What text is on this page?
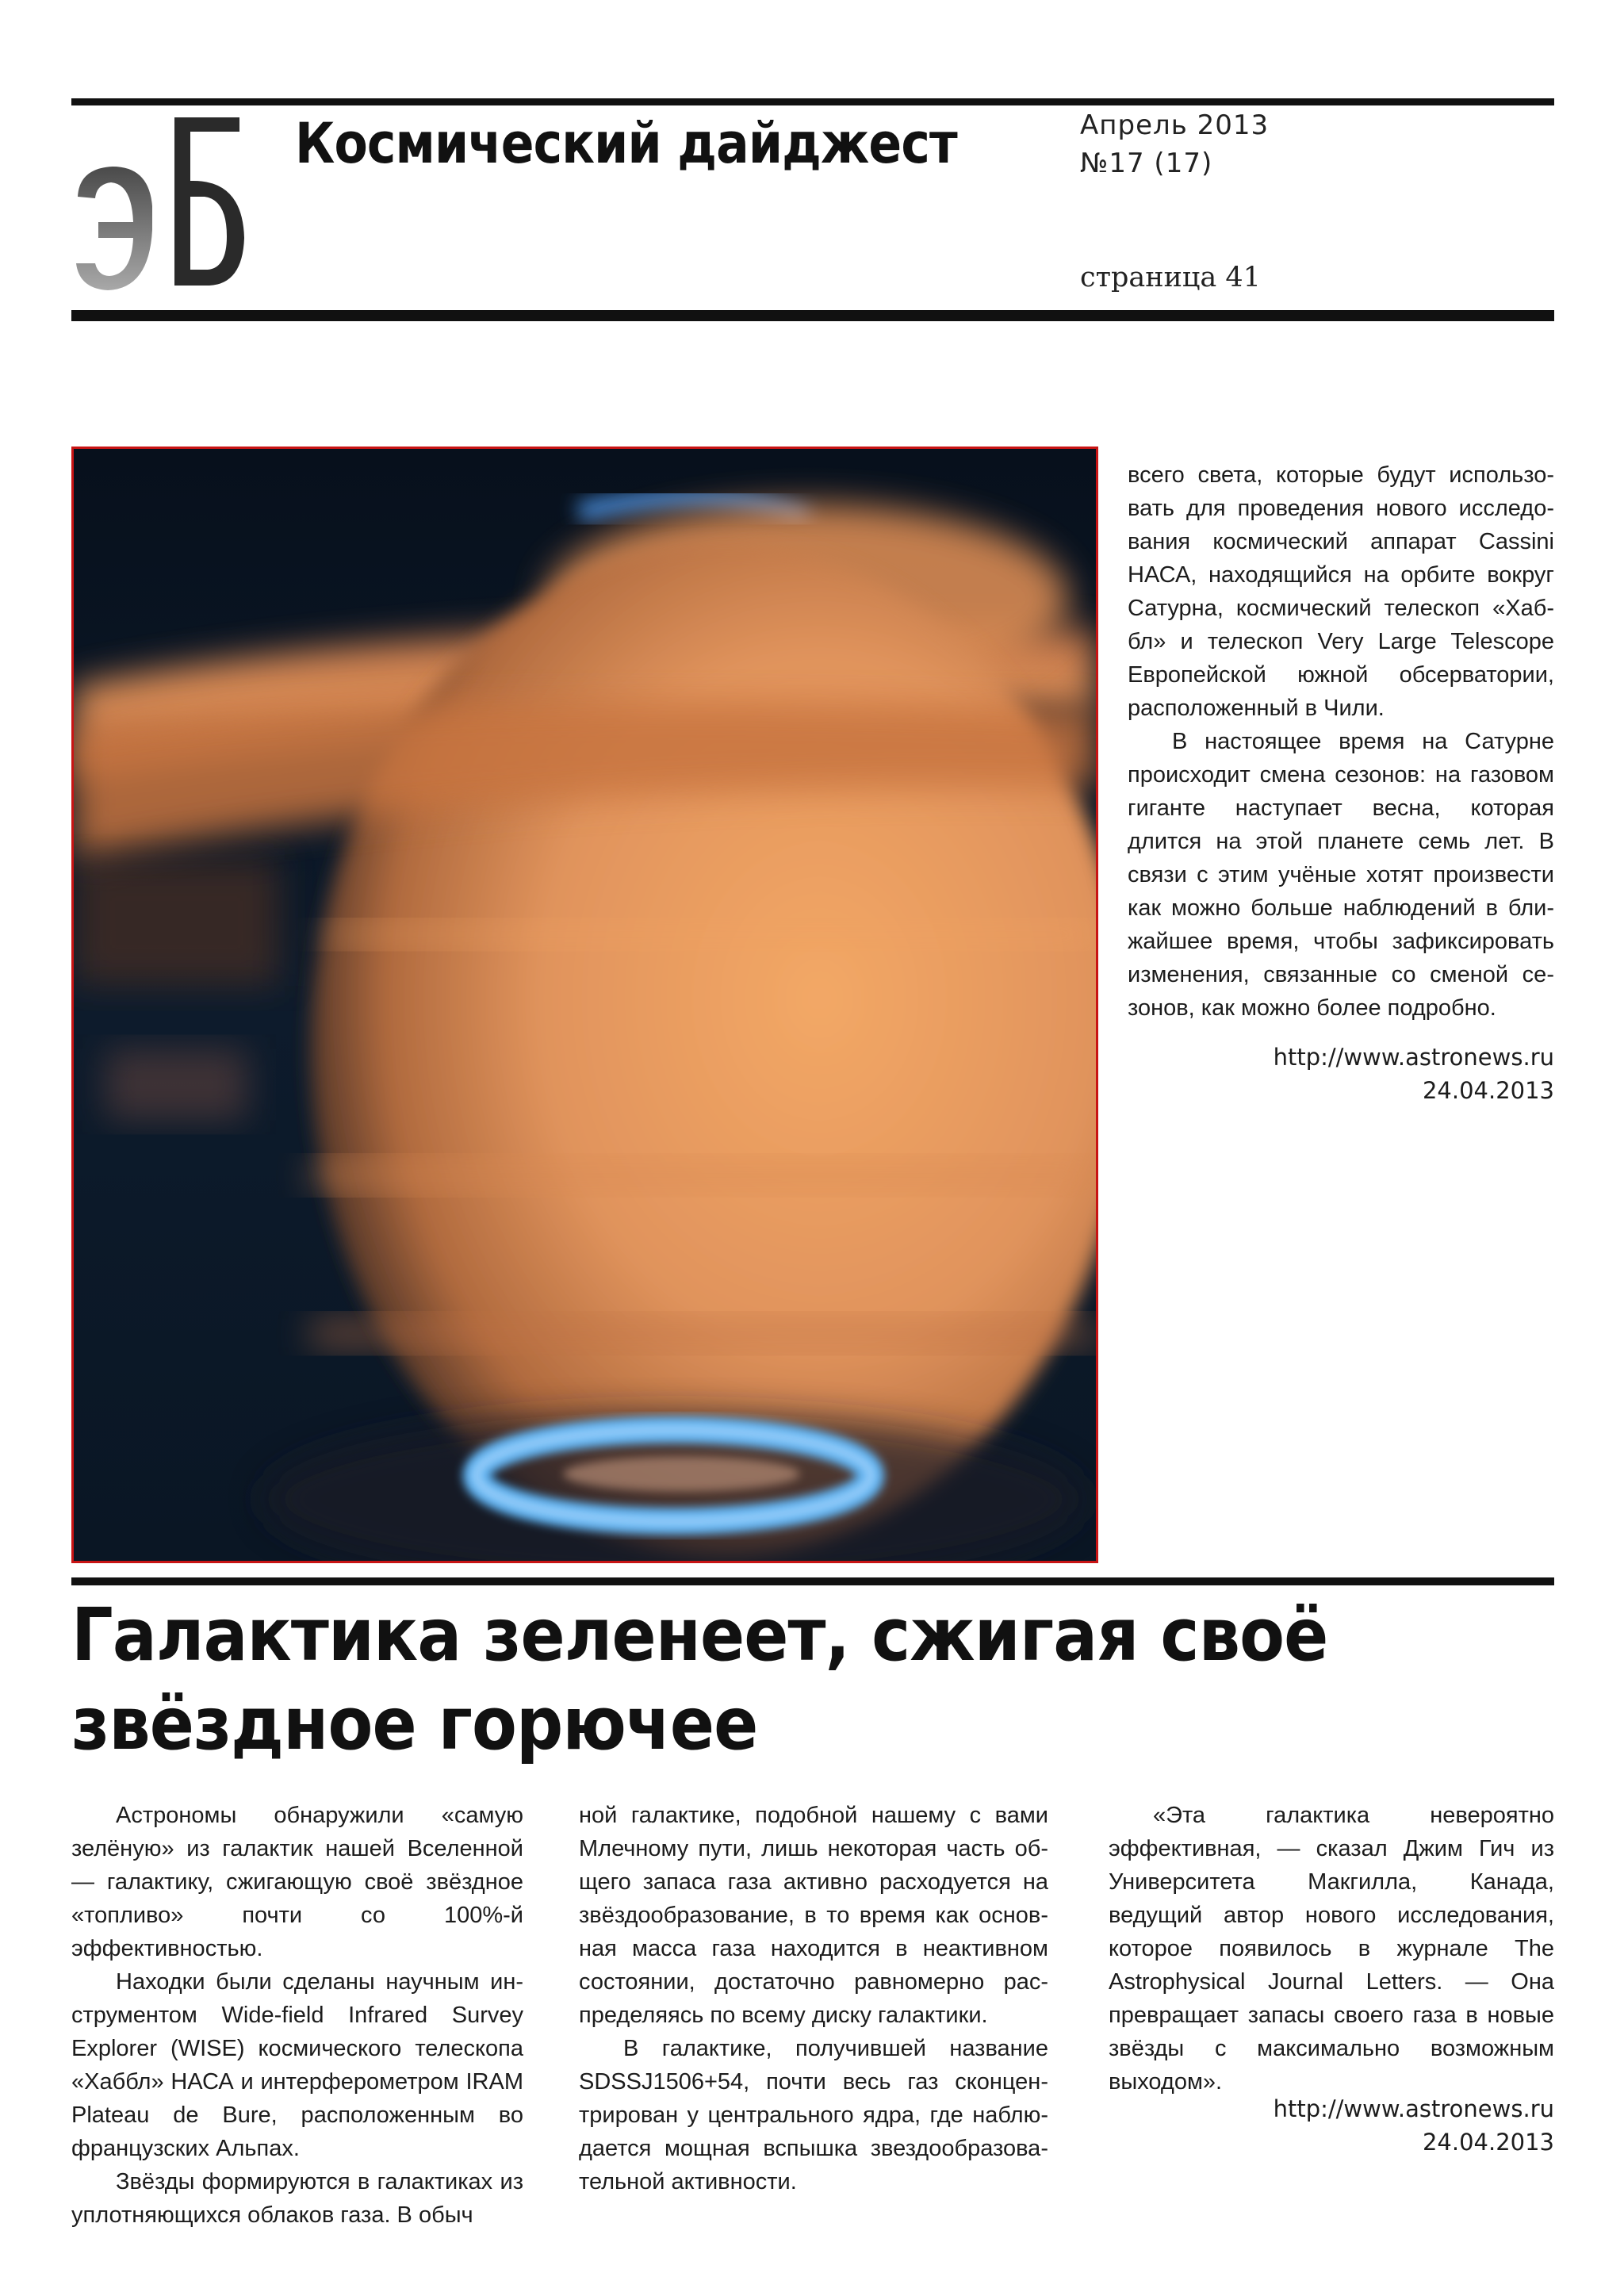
Космический дайджест	Апрель 2013
№17 (17)
страница 41

всего света, которые будут использовать для проведения нового исследования космический аппарат Cassini НАСА, находящийся на орбите вокруг Сатурна, космический телескоп «Хаббл» и телескоп Very Large Telescope Европейской южной обсерватории, расположенный в Чили.

В настоящее время на Сатурне происходит смена сезонов: на газовом гиганте наступает весна, которая длится на этой планете семь лет. В связи с этим учёные хотят произвести как можно больше наблюдений в ближайшее время, чтобы зафиксировать изменения, связанные со сменой сезонов, как можно более подробно.

http://www.astronews.ru
24.04.2013
Галактика зеленеет, сжигая своё звёздное горючее

Астрономы обнаружили «самую зелёную» из галактик нашей Вселенной — галактику, сжигающую своё звёздное «топливо» почти со 100%-й эффективностью.

Находки были сделаны научным инструментом Wide-field Infrared Survey Explorer (WISE) космического телескопа «Хаббл» НАСА и интерферометром IRAM Plateau de Bure, расположенным во французских Альпах.

Звёзды формируются в галактиках из уплотняющихся облаков газа. В обыч

ной галактике, подобной нашему с вами Млечному пути, лишь некоторая часть общего запаса газа активно расходуется на звёздообразование, в то время как основная масса газа находится в неактивном состоянии, достаточно равномерно распределяясь по всему диску галактики.

В галактике, получившей название SDSSJ1506+54, почти весь газ сконцентрирован у центрального ядра, где наблюдается мощная вспышка звездообразовательной активности.

«Эта галактика невероятно эффективная, — сказал Джим Гич из Университета Макгилла, Канада, ведущий автор нового исследования, которое появилось в журнале The Astrophysical Journal Letters. — Она превращает запасы своего газа в новые звёзды с максимально возможным выходом».

http://www.astronews.ru
24.04.2013
